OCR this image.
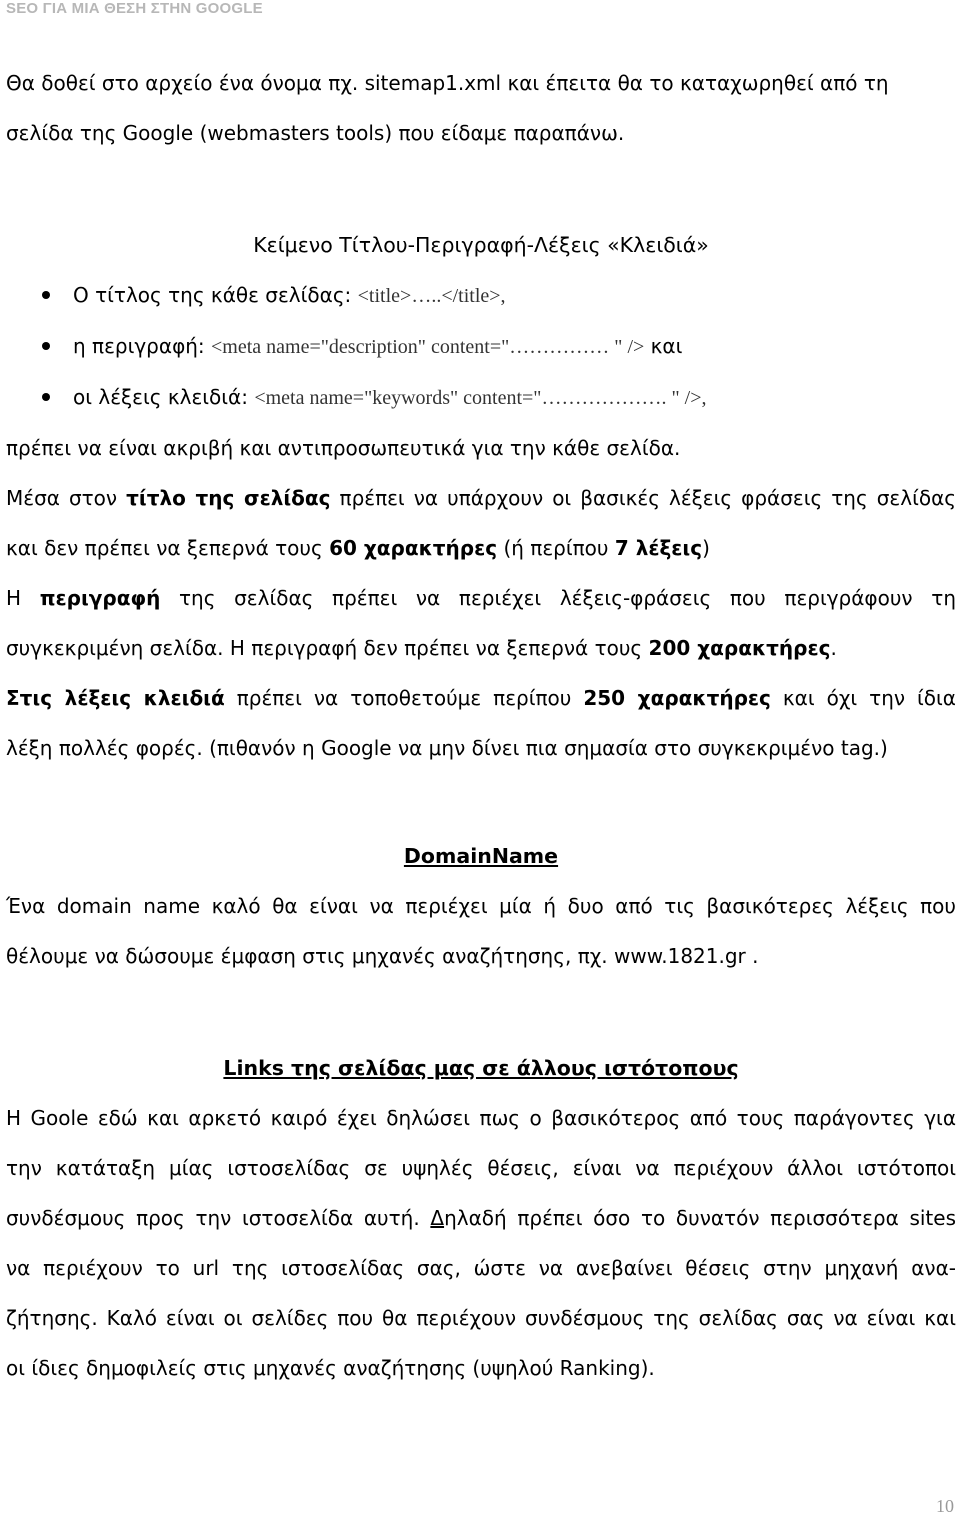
SEO ΓΙΑ ΜΙΑ ΘΕΣΗ ΣΤΗΝ GOOGLE
Θα δοθεί στο αρχείο ένα όνομα πχ. sitemap1.xml και έπειτα θα το καταχωρηθεί από τη
σελίδα της Google (webmasters tools) που είδαμε παραπάνω.
Κείμενο Τίτλου-Περιγραφή-Λέξεις «Κλειδιά»
Ο τίτλος της κάθε σελίδας: <title>…..</title>,
η περιγραφή: <meta name="description" content="…………… " /> και
οι λέξεις κλειδιά: <meta name="keywords" content="………………. " />,
πρέπει να είναι ακριβή και αντιπροσωπευτικά για την κάθε σελίδα.
Μέσα στον τίτλο της σελίδας πρέπει να υπάρχουν οι βασικές λέξεις φράσεις της σελίδας
και δεν πρέπει να ξεπερνά τους 60 χαρακτήρες (ή περίπου 7 λέξεις)
Η περιγραφή της σελίδας πρέπει να περιέχει λέξεις-φράσεις που περιγράφουν τη
συγκεκριμένη σελίδα. Η περιγραφή δεν πρέπει να ξεπερνά τους 200 χαρακτήρες.
Στις λέξεις κλειδιά πρέπει να τοποθετούμε περίπου 250 χαρακτήρες και όχι την ίδια
λέξη πολλές φορές. (πιθανόν η Google να μην δίνει πια σημασία στο συγκεκριμένο tag.)
DomainName
Ένα domain name καλό θα είναι να περιέχει μία ή δυο από τις βασικότερες λέξεις που
θέλουμε να δώσουμε έμφαση στις μηχανές αναζήτησης, πχ. www.1821.gr .
Links της σελίδας μας σε άλλους ιστότοπους
Η Goole εδώ και αρκετό καιρό έχει δηλώσει πως ο βασικότερος από τους παράγοντες για
την κατάταξη μίας ιστοσελίδας σε υψηλές θέσεις, είναι να περιέχουν άλλοι ιστότοποι
συνδέσμους προς την ιστοσελίδα αυτή. Δηλαδή πρέπει όσο το δυνατόν περισσότερα sites
να περιέχουν το url της ιστοσελίδας σας, ώστε να ανεβαίνει θέσεις στην μηχανή ανα-
ζήτησης. Καλό είναι οι σελίδες που θα περιέχουν συνδέσμους της σελίδας σας να είναι και
οι ίδιες δημοφιλείς στις μηχανές αναζήτησης (υψηλού Ranking).
10
